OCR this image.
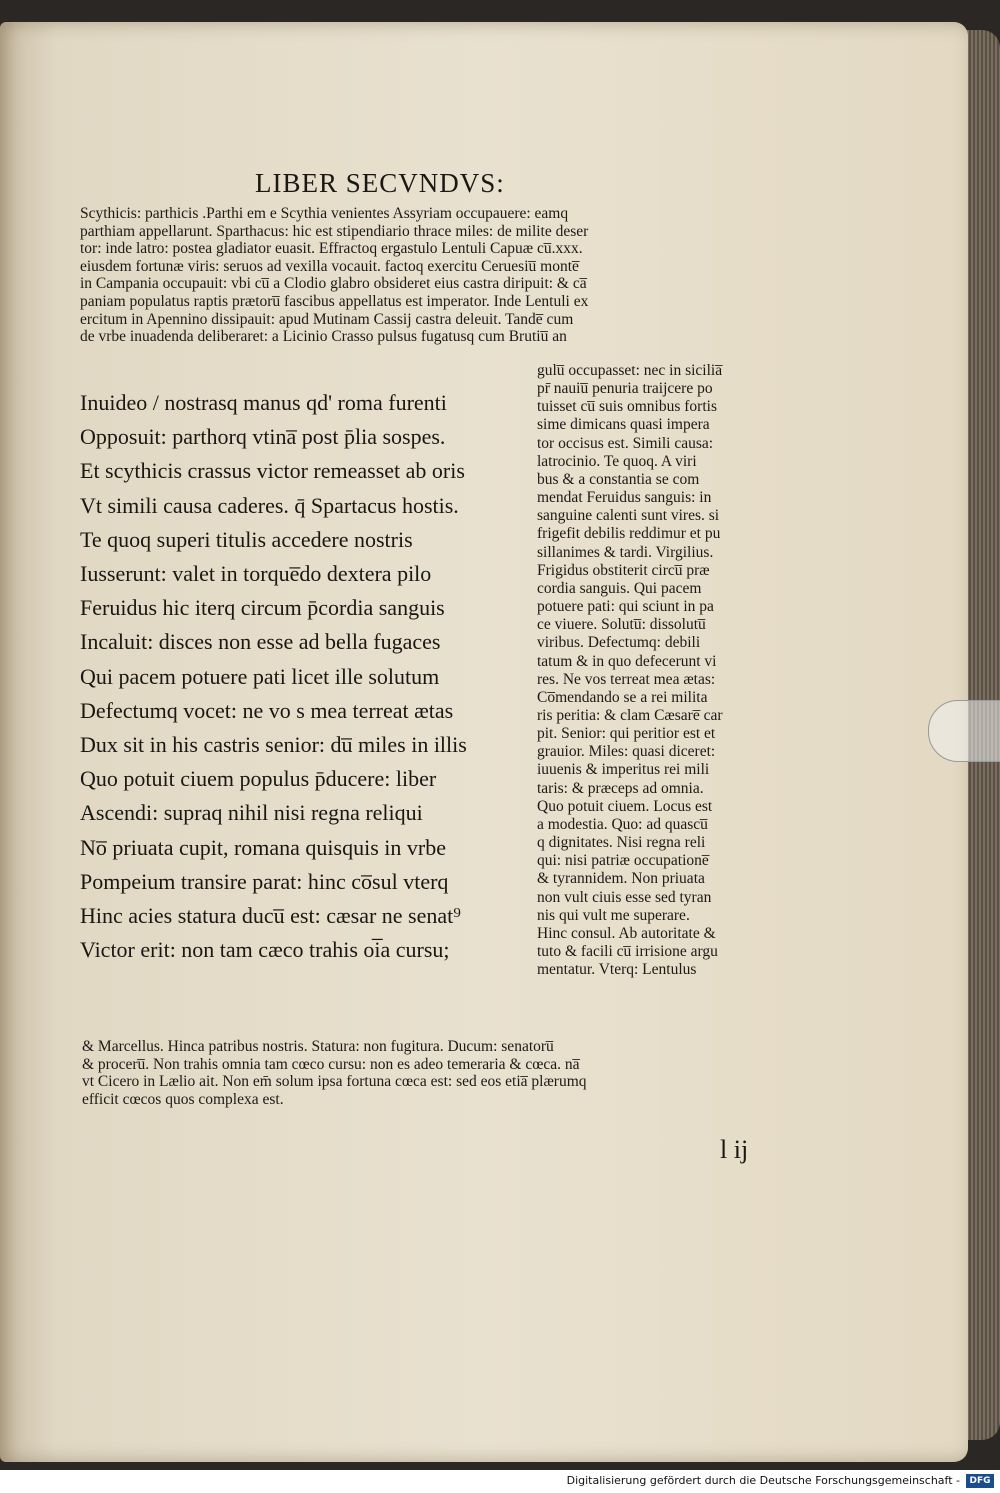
LIBER SECVNDVS:
Scythicis: parthicis .Parthi em e Scythia venientes Assyriam occupauere: eamq
parthiam appellarunt. Sparthacus: hic est stipendiario thrace miles: de milite deser
tor: inde latro: postea gladiator euasit. Effractoq ergastulo Lentuli Capuæ cu̅.xxx.
eiusdem fortunæ viris: seruos ad vexilla vocauit. factoq exercitu Ceruesiu̅ monte̅
in Campania occupauit: vbi cu̅ a Clodio glabro obsideret eius castra diripuit: & ca̅
paniam populatus raptis prætoru̅ fascibus appellatus est imperator. Inde Lentuli ex
ercitum in Apennino dissipauit: apud Mutinam Cassij castra deleuit. Tande̅ cum
de vrbe inuadenda deliberaret: a Licinio Crasso pulsus fugatusq cum Brutiu̅ an
Inuideo / nostrasq manus qd' roma furenti
Opposuit: parthorq vtina̅ post p̄lia sospes.
Et scythicis crassus victor remeasset ab oris
Vt simili causa caderes. q̄ Spartacus hostis.
Te quoq superi titulis accedere nostris
Iusserunt: valet in torque̅do dextera pilo
Feruidus hic iterq circum p̄cordia sanguis
Incaluit: disces non esse ad bella fugaces
Qui pacem potuere pati licet ille solutum
Defectumq vocet: ne vo s mea terreat ætas
Dux sit in his castris senior: du̅ miles in illis
Quo potuit ciuem populus p̄ducere: liber
Ascendi: supraq nihil nisi regna reliqui
No̅ priuata cupit, romana quisquis in vrbe
Pompeium transire parat: hinc co̅sul vterq
Hinc acies statura ducu̅ est: cæsar ne senat⁹
Victor erit: non tam cæco trahis oi̅a cursu;
gulu̅ occupasset: nec in sicilia̅
pr̄ nauiu̅ penuria traijcere po
tuisset cu̅ suis omnibus fortis
sime dimicans quasi impera
tor occisus est. Simili causa:
latrocinio. Te quoq. A viri
bus & a constantia se com
mendat Feruidus sanguis: in
sanguine calenti sunt vires. si
frigefit debilis reddimur et pu
sillanimes & tardi. Virgilius.
Frigidus obstiterit circu̅ præ
cordia sanguis. Qui pacem
potuere pati: qui sciunt in pa
ce viuere. Solutu̅: dissolutu̅
viribus. Defectumq: debili
tatum & in quo defecerunt vi
res. Ne vos terreat mea ætas:
Co̅mendando se a rei milita
ris peritia: & clam Cæsare̅ car
pit. Senior: qui peritior est et
grauior. Miles: quasi diceret:
iuuenis & imperitus rei mili
taris: & præceps ad omnia.
Quo potuit ciuem. Locus est
a modestia. Quo: ad quascu̅
q dignitates. Nisi regna reli
qui: nisi patriæ occupatione̅
& tyrannidem. Non priuata
non vult ciuis esse sed tyran
nis qui vult me superare.
Hinc consul. Ab autoritate &
tuto & facili cu̅ irrisione argu
mentatur. Vterq: Lentulus
& Marcellus. Hinca patribus nostris. Statura: non fugitura. Ducum: senatoru̅
& proceru̅. Non trahis omnia tam cœco cursu: non es adeo temeraria & cœca. na̅
vt Cicero in Lælio ait. Non em̄ solum ipsa fortuna cœca est: sed eos etia̅ plærumq
efficit cœcos quos complexa est.
l ij
Digitalisierung gefördert durch die Deutsche Forschungsgemeinschaft -	DFG
